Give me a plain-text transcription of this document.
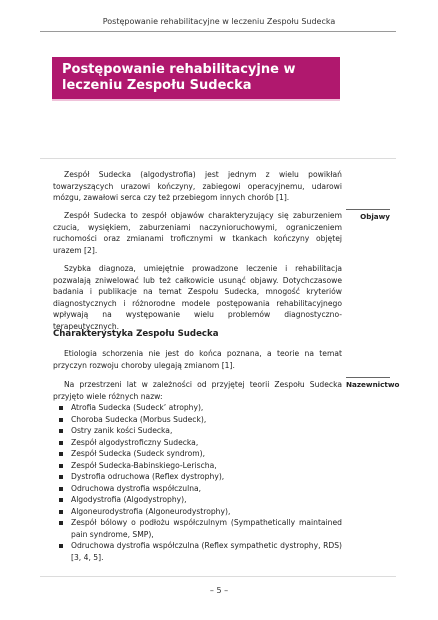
Postępowanie rehabilitacyjne w leczeniu Zespołu Sudecka
Postępowanie rehabilitacyjne w leczeniu Zespołu Sudecka

Zespół Sudecka (algodystrofia) jest jednym z wielu powikłań towarzyszących urazowi kończyny, zabiegowi operacyjnemu, udarowi mózgu, zawałowi serca czy też przebiegom innych chorób [1].

Zespół Sudecka to zespół objawów charakteryzujący się zaburzeniem czucia, wysiękiem, zaburzeniami naczynioruchowymi, ograniczeniem ruchomości oraz zmianami troficznymi w tkankach kończyny objętej urazem [2].

Szybka diagnoza, umiejętnie prowadzone leczenie i rehabilitacja pozwalają zniwelować lub też całkowicie usunąć objawy. Dotychczasowe badania i publikacje na temat Zespołu Sudecka, mnogość kryteriów diagnostycznych i różnorodne modele postępowania rehabilitacyjnego wpływają na występowanie wielu problemów diagnostyczno-terapeutycznych.

Charakterystyka Zespołu Sudecka

Etiologia schorzenia nie jest do końca poznana, a teorie na temat przyczyn rozwoju choroby ulegają zmianom [1].

Na przestrzeni lat w zależności od przyjętej teorii Zespołu Sudecka przyjęto wiele różnych nazw:

Atrofia Sudecka (Sudeck’ atrophy),
Choroba Sudecka (Morbus Sudeck),
Ostry zanik kości Sudecka,
Zespół algodystroficzny Sudecka,
Zespół Sudecka (Sudeck syndrom),
Zespół Sudecka-Babinskiego-Lerischa,
Dystrofia odruchowa (Reflex dystrophy),
Odruchowa dystrofia współczulna,
Algodystrofia (Algodystrophy),
Algoneurodystrofia (Algoneurodystrophy),
Zespół bólowy o podłożu współczulnym (Sympathetically maintained pain syndrome, SMP),
Odruchowa dystrofia współczulna (Reflex sympathetic dystrophy, RDS) [3, 4, 5].
Objawy
Nazewnictwo
– 5 –
